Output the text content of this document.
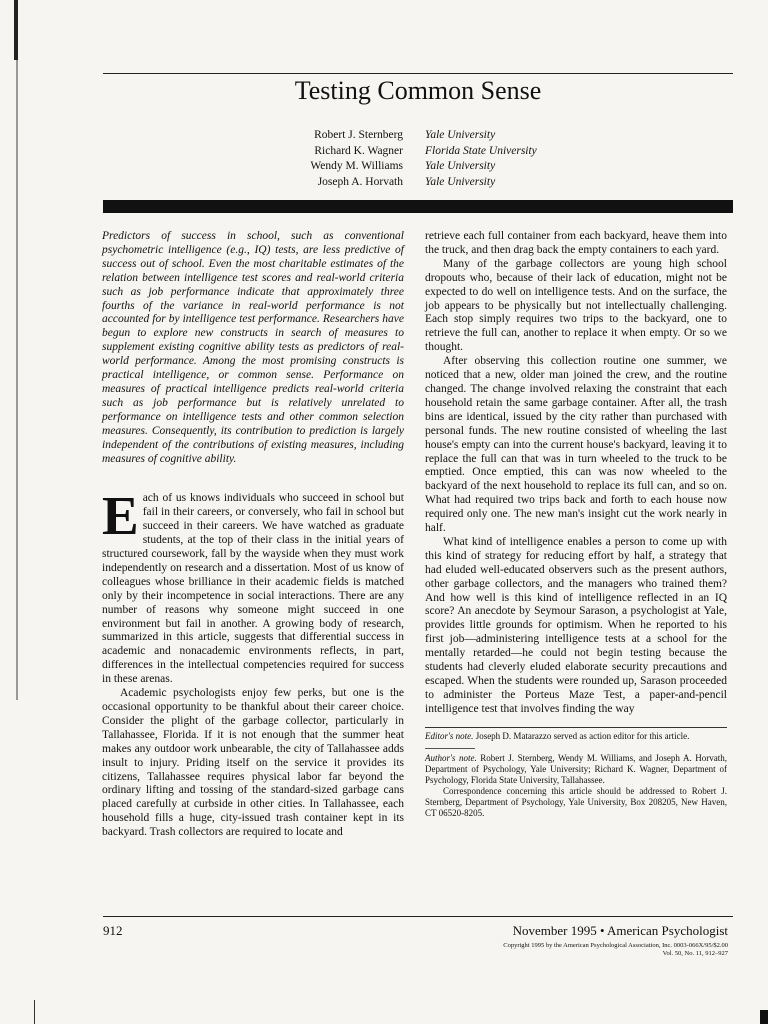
Testing Common Sense
Robert J. Sternberg	Yale University
Richard K. Wagner	Florida State University
Wendy M. Williams	Yale University
Joseph A. Horvath	Yale University

Predictors of success in school, such as conventional psychometric intelligence (e.g., IQ) tests, are less predictive of success out of school. Even the most charitable estimates of the relation between intelligence test scores and real-world criteria such as job performance indicate that approximately three fourths of the variance in real-world performance is not accounted for by intelligence test performance. Researchers have begun to explore new constructs in search of measures to supplement existing cognitive ability tests as predictors of real-world performance. Among the most promising constructs is practical intelligence, or common sense. Performance on measures of practical intelligence predicts real-world criteria such as job performance but is relatively unrelated to performance on intelligence tests and other common selection measures. Consequently, its contribution to prediction is largely independent of the contributions of existing measures, including measures of cognitive ability.

Each of us knows individuals who succeed in school but fail in their careers, or conversely, who fail in school but succeed in their careers. We have watched as graduate students, at the top of their class in the initial years of structured coursework, fall by the wayside when they must work independently on research and a dissertation. Most of us know of colleagues whose brilliance in their academic fields is matched only by their incompetence in social interactions. There are any number of reasons why someone might succeed in one environment but fail in another. A growing body of research, summarized in this article, suggests that differential success in academic and nonacademic environments reflects, in part, differences in the intellectual competencies required for success in these arenas.

Academic psychologists enjoy few perks, but one is the occasional opportunity to be thankful about their career choice. Consider the plight of the garbage collector, particularly in Tallahassee, Florida. If it is not enough that the summer heat makes any outdoor work unbearable, the city of Tallahassee adds insult to injury. Priding itself on the service it provides its citizens, Tallahassee requires physical labor far beyond the ordinary lifting and tossing of the standard-sized garbage cans placed carefully at curbside in other cities. In Tallahassee, each household fills a huge, city-issued trash container kept in its backyard. Trash collectors are required to locate and

retrieve each full container from each backyard, heave them into the truck, and then drag back the empty containers to each yard.

Many of the garbage collectors are young high school dropouts who, because of their lack of education, might not be expected to do well on intelligence tests. And on the surface, the job appears to be physically but not intellectually challenging. Each stop simply requires two trips to the backyard, one to retrieve the full can, another to replace it when empty. Or so we thought.

After observing this collection routine one summer, we noticed that a new, older man joined the crew, and the routine changed. The change involved relaxing the constraint that each household retain the same garbage container. After all, the trash bins are identical, issued by the city rather than purchased with personal funds. The new routine consisted of wheeling the last house's empty can into the current house's backyard, leaving it to replace the full can that was in turn wheeled to the truck to be emptied. Once emptied, this can was now wheeled to the backyard of the next household to replace its full can, and so on. What had required two trips back and forth to each house now required only one. The new man's insight cut the work nearly in half.

What kind of intelligence enables a person to come up with this kind of strategy for reducing effort by half, a strategy that had eluded well-educated observers such as the present authors, other garbage collectors, and the managers who trained them? And how well is this kind of intelligence reflected in an IQ score? An anecdote by Seymour Sarason, a psychologist at Yale, provides little grounds for optimism. When he reported to his first job—administering intelligence tests at a school for the mentally retarded—he could not begin testing because the students had cleverly eluded elaborate security precautions and escaped. When the students were rounded up, Sarason proceeded to administer the Porteus Maze Test, a paper-and-pencil intelligence test that involves finding the way

Editor's note. Joseph D. Matarazzo served as action editor for this article.

Author's note. Robert J. Sternberg, Wendy M. Williams, and Joseph A. Horvath, Department of Psychology, Yale University; Richard K. Wagner, Department of Psychology, Florida State University, Tallahassee.

Correspondence concerning this article should be addressed to Robert J. Sternberg, Department of Psychology, Yale University, Box 208205, New Haven, CT 06520-8205.

912	November 1995 • American Psychologist
Copyright 1995 by the American Psychological Association, Inc. 0003-066X/95/$2.00
Vol. 50, No. 11, 912–927
